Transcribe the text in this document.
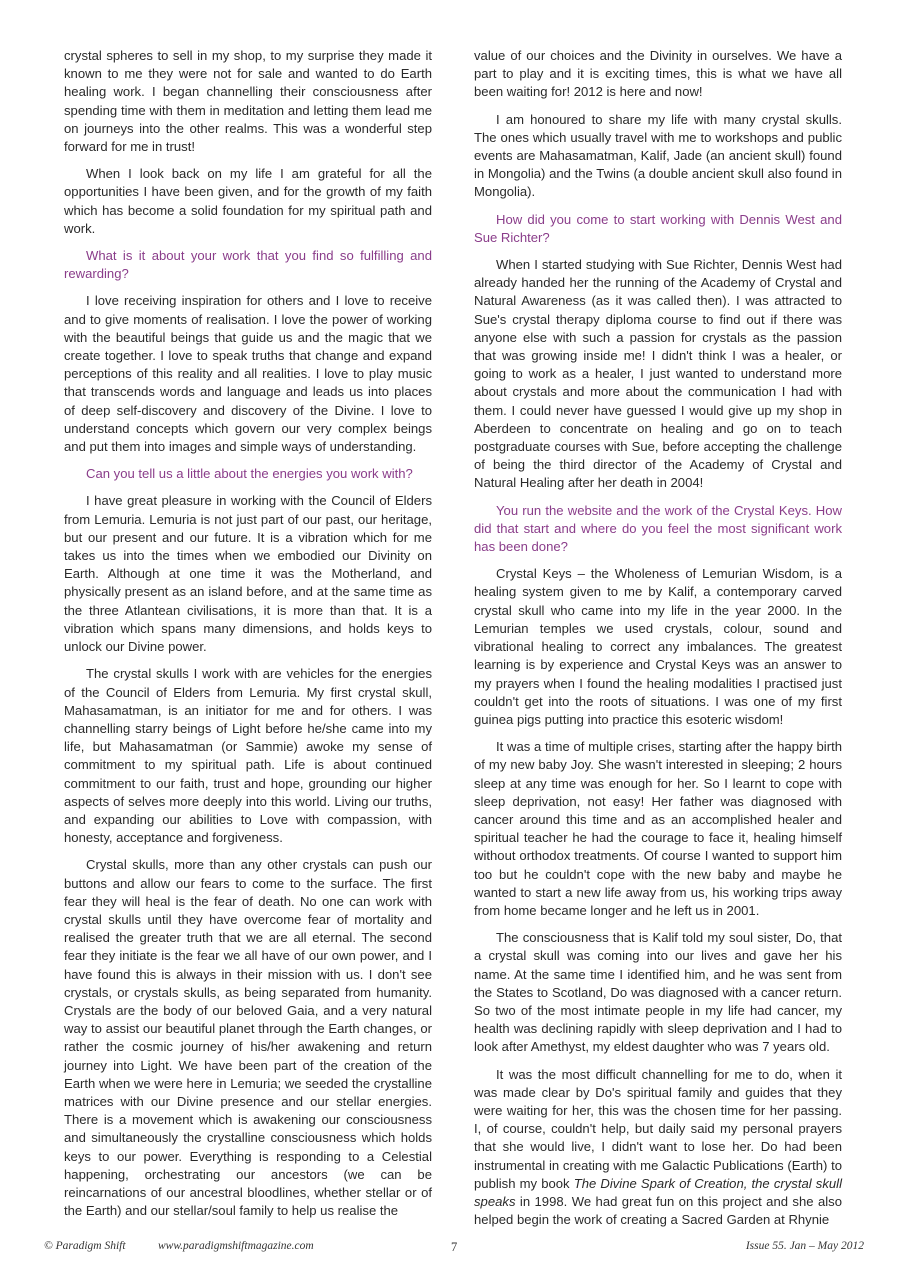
crystal spheres to sell in my shop, to my surprise they made it known to me they were not for sale and wanted to do Earth healing work. I began channelling their consciousness after spending time with them in meditation and letting them lead me on journeys into the other realms. This was a wonderful step forward for me in trust!

When I look back on my life I am grateful for all the opportunities I have been given, and for the growth of my faith which has become a solid foundation for my spiritual path and work.

What is it about your work that you find so fulfilling and rewarding?

I love receiving inspiration for others and I love to receive and to give moments of realisation. I love the power of working with the beautiful beings that guide us and the magic that we create together. I love to speak truths that change and expand perceptions of this reality and all realities. I love to play music that transcends words and language and leads us into places of deep self-discovery and discovery of the Divine. I love to understand concepts which govern our very complex beings and put them into images and simple ways of understanding.

Can you tell us a little about the energies you work with?

I have great pleasure in working with the Council of Elders from Lemuria. Lemuria is not just part of our past, our heritage, but our present and our future. It is a vibration which for me takes us into the times when we embodied our Divinity on Earth. Although at one time it was the Motherland, and physically present as an island before, and at the same time as the three Atlantean civilisations, it is more than that. It is a vibration which spans many dimensions, and holds keys to unlock our Divine power.

The crystal skulls I work with are vehicles for the energies of the Council of Elders from Lemuria. My first crystal skull, Mahasamatman, is an initiator for me and for others. I was channelling starry beings of Light before he/she came into my life, but Mahasamatman (or Sammie) awoke my sense of commitment to my spiritual path. Life is about continued commitment to our faith, trust and hope, grounding our higher aspects of selves more deeply into this world. Living our truths, and expanding our abilities to Love with compassion, with honesty, acceptance and forgiveness.

Crystal skulls, more than any other crystals can push our buttons and allow our fears to come to the surface. The first fear they will heal is the fear of death. No one can work with crystal skulls until they have overcome fear of mortality and realised the greater truth that we are all eternal. The second fear they initiate is the fear we all have of our own power, and I have found this is always in their mission with us. I don't see crystals, or crystals skulls, as being separated from humanity. Crystals are the body of our beloved Gaia, and a very natural way to assist our beautiful planet through the Earth changes, or rather the cosmic journey of his/her awakening and return journey into Light. We have been part of the creation of the Earth when we were here in Lemuria; we seeded the crystalline matrices with our Divine presence and our stellar energies. There is a movement which is awakening our consciousness and simultaneously the crystalline consciousness which holds keys to our power. Everything is responding to a Celestial happening, orchestrating our ancestors (we can be reincarnations of our ancestral bloodlines, whether stellar or of the Earth) and our stellar/soul family to help us realise the

value of our choices and the Divinity in ourselves. We have a part to play and it is exciting times, this is what we have all been waiting for! 2012 is here and now!

I am honoured to share my life with many crystal skulls. The ones which usually travel with me to workshops and public events are Mahasamatman, Kalif, Jade (an ancient skull) found in Mongolia) and the Twins (a double ancient skull also found in Mongolia).

How did you come to start working with Dennis West and Sue Richter?

When I started studying with Sue Richter, Dennis West had already handed her the running of the Academy of Crystal and Natural Awareness (as it was called then). I was attracted to Sue's crystal therapy diploma course to find out if there was anyone else with such a passion for crystals as the passion that was growing inside me! I didn't think I was a healer, or going to work as a healer, I just wanted to understand more about crystals and more about the communication I had with them. I could never have guessed I would give up my shop in Aberdeen to concentrate on healing and go on to teach postgraduate courses with Sue, before accepting the challenge of being the third director of the Academy of Crystal and Natural Healing after her death in 2004!

You run the website and the work of the Crystal Keys. How did that start and where do you feel the most significant work has been done?

Crystal Keys – the Wholeness of Lemurian Wisdom, is a healing system given to me by Kalif, a contemporary carved crystal skull who came into my life in the year 2000. In the Lemurian temples we used crystals, colour, sound and vibrational healing to correct any imbalances. The greatest learning is by experience and Crystal Keys was an answer to my prayers when I found the healing modalities I practised just couldn't get into the roots of situations. I was one of my first guinea pigs putting into practice this esoteric wisdom!

It was a time of multiple crises, starting after the happy birth of my new baby Joy. She wasn't interested in sleeping; 2 hours sleep at any time was enough for her. So I learnt to cope with sleep deprivation, not easy! Her father was diagnosed with cancer around this time and as an accomplished healer and spiritual teacher he had the courage to face it, healing himself without orthodox treatments. Of course I wanted to support him too but he couldn't cope with the new baby and maybe he wanted to start a new life away from us, his working trips away from home became longer and he left us in 2001.

The consciousness that is Kalif told my soul sister, Do, that a crystal skull was coming into our lives and gave her his name. At the same time I identified him, and he was sent from the States to Scotland, Do was diagnosed with a cancer return. So two of the most intimate people in my life had cancer, my health was declining rapidly with sleep deprivation and I had to look after Amethyst, my eldest daughter who was 7 years old.

It was the most difficult channelling for me to do, when it was made clear by Do's spiritual family and guides that they were waiting for her, this was the chosen time for her passing. I, of course, couldn't help, but daily said my personal prayers that she would live, I didn't want to lose her. Do had been instrumental in creating with me Galactic Publications (Earth) to publish my book The Divine Spark of Creation, the crystal skull speaks in 1998. We had great fun on this project and she also helped begin the work of creating a Sacred Garden at Rhynie

© Paradigm Shift	www.paradigmshiftmagazine.com	7	Issue 55. Jan – May 2012
